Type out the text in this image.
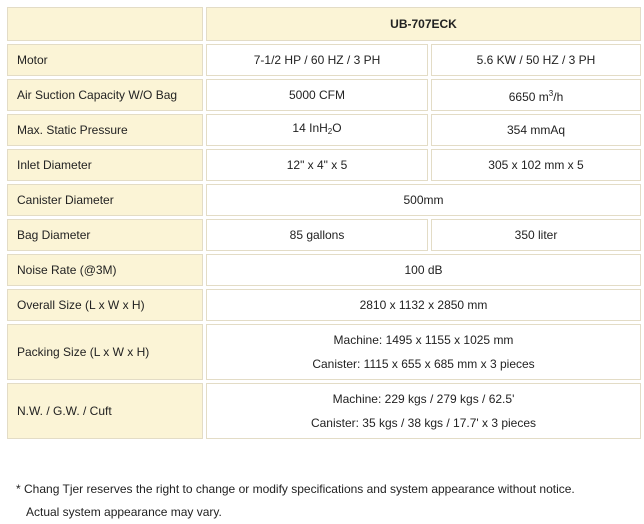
	UB-707ECK	
Motor	7-1/2 HP / 60 HZ / 3 PH	5.6 KW / 50 HZ / 3 PH
Air Suction Capacity W/O Bag	5000 CFM	6650 $m^3/h$
Max. Static Pressure	14 InH$_2$O	354 mmAq
Inlet Diameter	12" x 4" x 5	305 x 102 mm x 5
Canister Diameter	500mm	
Bag Diameter	85 gallons	350 liter
Noise Rate (@3M)	100 dB	
Overall Size (L x W x H)	2810 x 1132 x 2850 mm	
Packing Size (L x W x H)	Machine: 1495 x 1155 x 1025 mm
Canister: 1115 x 655 x 685 mm x 3 pieces	

N.W. / G.W. / Cuft	Machine: 229 kgs / 279 kgs / 62.5'
Canister: 35 kgs / 38 kgs / 17.7' x 3 pieces	
* Chang Tjer reserves the right to change or modify specifications and system appearance without notice.
Actual system appearance may vary.
